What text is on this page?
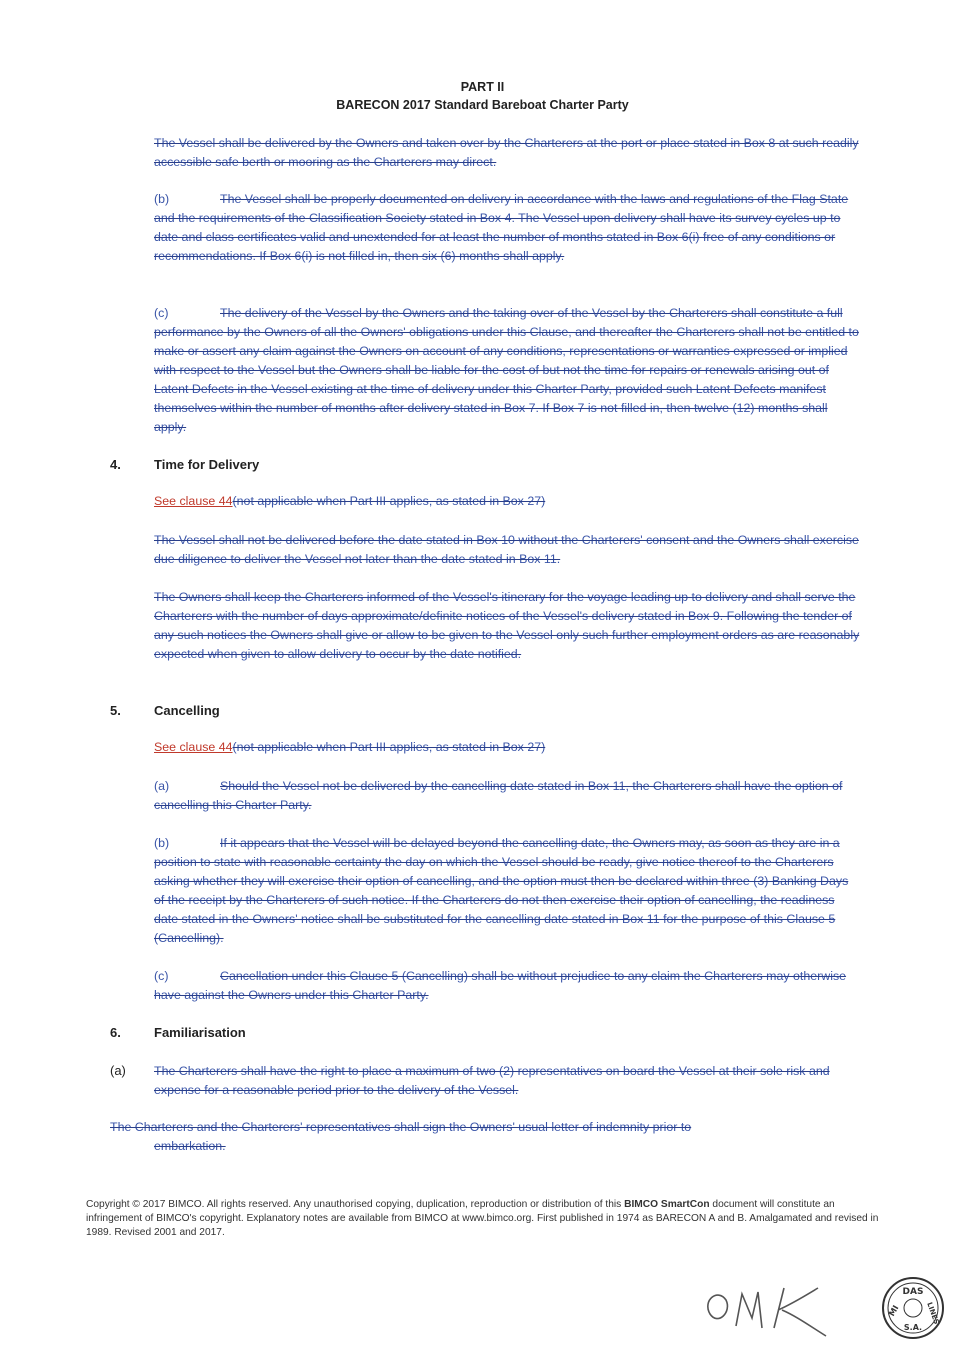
PART II
BARECON 2017 Standard Bareboat Charter Party

The Vessel shall be delivered by the Owners and taken over by the Charterers at the port or place stated in Box 8 at such readily accessible safe berth or mooring as the Charterers may direct.

(b)	The Vessel shall be properly documented on delivery in accordance with the laws and regulations of the Flag State and the requirements of the Classification Society stated in Box 4. The Vessel upon delivery shall have its survey cycles up to date and class certificates valid and unextended for at least the number of months stated in Box 6(i) free of any conditions or recommendations. If Box 6(i) is not filled in, then six (6) months shall apply.

(c)	The delivery of the Vessel by the Owners and the taking over of the Vessel by the Charterers shall constitute a full performance by the Owners of all the Owners' obligations under this Clause, and thereafter the Charterers shall not be entitled to make or assert any claim against the Owners on account of any conditions, representations or warranties expressed or implied with respect to the Vessel but the Owners shall be liable for the cost of but not the time for repairs or renewals arising out of Latent Defects in the Vessel existing at the time of delivery under this Charter Party, provided such Latent Defects manifest themselves within the number of months after delivery stated in Box 7. If Box 7 is not filled in, then twelve (12) months shall apply.

4.	Time for Delivery
See clause 44(not applicable when Part III applies, as stated in Box 27)

The Vessel shall not be delivered before the date stated in Box 10 without the Charterers' consent and the Owners shall exercise due diligence to deliver the Vessel not later than the date stated in Box 11.

The Owners shall keep the Charterers informed of the Vessel's itinerary for the voyage leading up to delivery and shall serve the Charterers with the number of days approximate/definite notices of the Vessel's delivery stated in Box 9. Following the tender of any such notices the Owners shall give or allow to be given to the Vessel only such further employment orders as are reasonably expected when given to allow delivery to occur by the date notified.

5.	Cancelling
See clause 44(not applicable when Part III applies, as stated in Box 27)

(a)	Should the Vessel not be delivered by the cancelling date stated in Box 11, the Charterers shall have the option of cancelling this Charter Party.

(b)	If it appears that the Vessel will be delayed beyond the cancelling date, the Owners may, as soon as they are in a position to state with reasonable certainty the day on which the Vessel should be ready, give notice thereof to the Charterers asking whether they will exercise their option of cancelling, and the option must then be declared within three (3) Banking Days of the receipt by the Charterers of such notice. If the Charterers do not then exercise their option of cancelling, the readiness date stated in the Owners' notice shall be substituted for the cancelling date stated in Box 11 for the purpose of this Clause 5 (Cancelling).

(c)	Cancellation under this Clause 5 (Cancelling) shall be without prejudice to any claim the Charterers may otherwise have against the Owners under this Charter Party.

6.	Familiarisation
(a) The Charterers shall have the right to place a maximum of two (2) representatives on board the Vessel at their sole risk and expense for a reasonable period prior to the delivery of the Vessel.

The Charterers and the Charterers' representatives shall sign the Owners' usual letter of indemnity prior to

embarkation.

Copyright © 2017 BIMCO. All rights reserved. Any unauthorised copying, duplication, reproduction or distribution of this BIMCO SmartCon document will constitute an infringement of BIMCO's copyright. Explanatory notes are available from BIMCO at www.bimco.org. First published in 1974 as BARECON A and B. Amalgamated and revised in 1989. Revised 2001 and 2017.
DAS
MI	LINES
S.A.
